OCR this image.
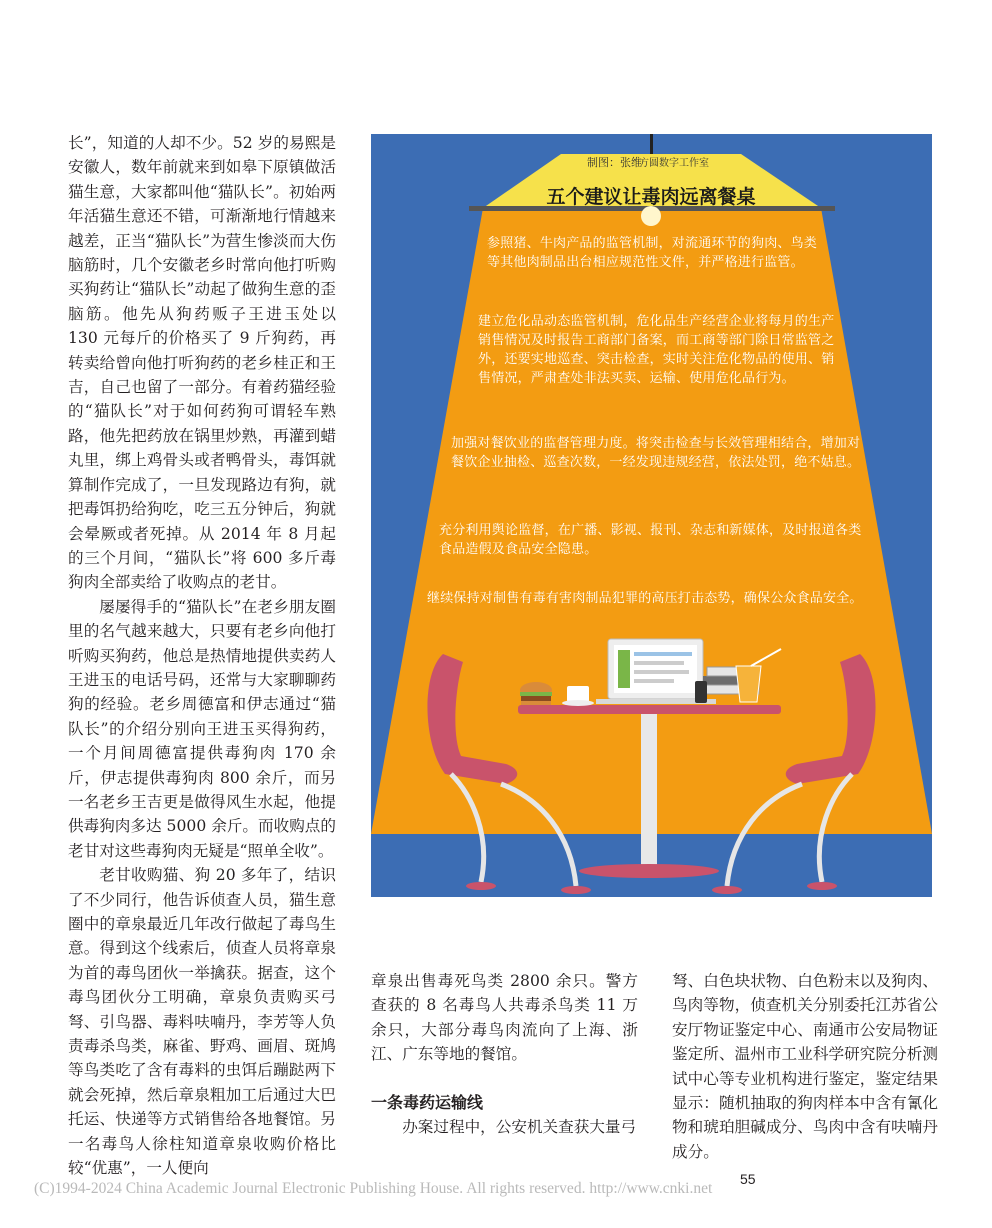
长”，知道的人却不少。52 岁的易熙是安徽人，数年前就来到如皋下原镇做活猫生意，大家都叫他“猫队长”。初始两年活猫生意还不错，可渐渐地行情越来越差，正当“猫队长”为营生惨淡而大伤脑筋时，几个安徽老乡时常向他打听购买狗药让“猫队长”动起了做狗生意的歪脑筋。他先从狗药贩子王进玉处以 130 元每斤的价格买了 9 斤狗药，再转卖给曾向他打听狗药的老乡桂正和王吉，自己也留了一部分。有着药猫经验的“猫队长”对于如何药狗可谓轻车熟路，他先把药放在锅里炒熟，再灌到蜡丸里，绑上鸡骨头或者鸭骨头，毒饵就算制作完成了，一旦发现路边有狗，就把毒饵扔给狗吃，吃三五分钟后，狗就会晕厥或者死掉。从 2014 年 8 月起的三个月间，“猫队长”将 600 多斤毒狗肉全部卖给了收购点的老甘。

屡屡得手的“猫队长”在老乡朋友圈里的名气越来越大，只要有老乡向他打听购买狗药，他总是热情地提供卖药人王进玉的电话号码，还常与大家聊聊药狗的经验。老乡周德富和伊志通过“猫队长”的介绍分别向王进玉买得狗药，一个月间周德富提供毒狗肉 170 余斤，伊志提供毒狗肉 800 余斤，而另一名老乡王吉更是做得风生水起，他提供毒狗肉多达 5000 余斤。而收购点的老甘对这些毒狗肉无疑是“照单全收”。

老甘收购猫、狗 20 多年了，结识了不少同行，他告诉侦查人员，猫生意圈中的章泉最近几年改行做起了毒鸟生意。得到这个线索后，侦查人员将章泉为首的毒鸟团伙一举擒获。据查，这个毒鸟团伙分工明确，章泉负责购买弓弩、引鸟器、毒料呋喃丹，李芳等人负责毒杀鸟类，麻雀、野鸡、画眉、斑鸠等鸟类吃了含有毒料的虫饵后蹦跶两下就会死掉，然后章泉粗加工后通过大巴托运、快递等方式销售给各地餐馆。另一名毒鸟人徐柱知道章泉收购价格比较“优惠”，一人便向

制图：张维
方圆数字工作室
五个建议让毒肉远离餐桌
参照猪、牛肉产品的监管机制，对流通环节的狗肉、鸟类等其他肉制品出台相应规范性文件，并严格进行监管。
建立危化品动态监管机制，危化品生产经营企业将每月的生产销售情况及时报告工商部门备案，而工商等部门除日常监管之外，还要实地巡查、突击检查，实时关注危化物品的使用、销售情况，严肃查处非法买卖、运输、使用危化品行为。
加强对餐饮业的监督管理力度。将突击检查与长效管理相结合，增加对餐饮企业抽检、巡查次数，一经发现违规经营，依法处罚，绝不姑息。
充分利用舆论监督，在广播、影视、报刊、杂志和新媒体，及时报道各类食品造假及食品安全隐患。
继续保持对制售有毒有害肉制品犯罪的高压打击态势，确保公众食品安全。

章泉出售毒死鸟类 2800 余只。警方查获的 8 名毒鸟人共毒杀鸟类 11 万余只，大部分毒鸟肉流向了上海、浙江、广东等地的餐馆。

一条毒药运输线

办案过程中，公安机关查获大量弓

弩、白色块状物、白色粉末以及狗肉、鸟肉等物，侦查机关分别委托江苏省公安厅物证鉴定中心、南通市公安局物证鉴定所、温州市工业科学研究院分析测试中心等专业机构进行鉴定，鉴定结果显示：随机抽取的狗肉样本中含有氰化物和琥珀胆碱成分、鸟肉中含有呋喃丹成分。

55
(C)1994-2024 China Academic Journal Electronic Publishing House. All rights reserved. http://www.cnki.net
